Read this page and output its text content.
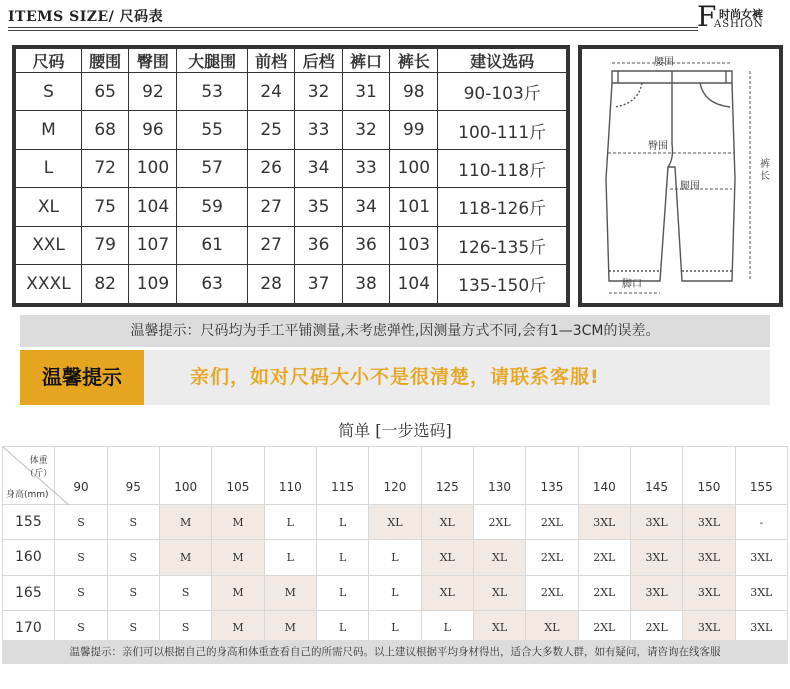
ITEMS SIZE/ 尺码表	F 时尚女裤
ASHION
尺码	腰围	臀围	大腿围	前档	后档	裤口	裤长	建议选码
S	65	92	53	24	32	31	98	90-103斤
M	68	96	55	25	33	32	99	100-111斤
L	72	100	57	26	34	33	100	110-118斤
XL	75	104	59	27	35	34	101	118-126斤
XXL	79	107	61	27	36	36	103	126-135斤
XXXL	82	109	63	28	37	38	104	135-150斤
腰围
臀围
腿围
裤长
脚口
温馨提示：尺码均为手工平铺测量,未考虑弹性,因测量方式不同,会有1—3CM的误差。
温馨提示	亲们，如对尺码大小不是很清楚，请联系客服!
简单 [一步选码]
体重（斤）
身高(mm)	90	95	100	105	110	115	120	125	130	135	140	145	150	155
155	S	S	M	M	L	L	XL	XL	2XL	2XL	3XL	3XL	3XL	-
160	S	S	M	M	L	L	L	XL	XL	2XL	2XL	3XL	3XL	3XL
165	S	S	S	M	M	L	L	XL	XL	2XL	2XL	3XL	3XL	3XL
170	S	S	S	M	M	L	L	L	XL	XL	2XL	2XL	3XL	3XL
温馨提示：亲们可以根据自己的身高和体重查看自己的所需尺码。以上建议根据平均身材得出，适合大多数人群，如有疑问，请咨询在线客服
